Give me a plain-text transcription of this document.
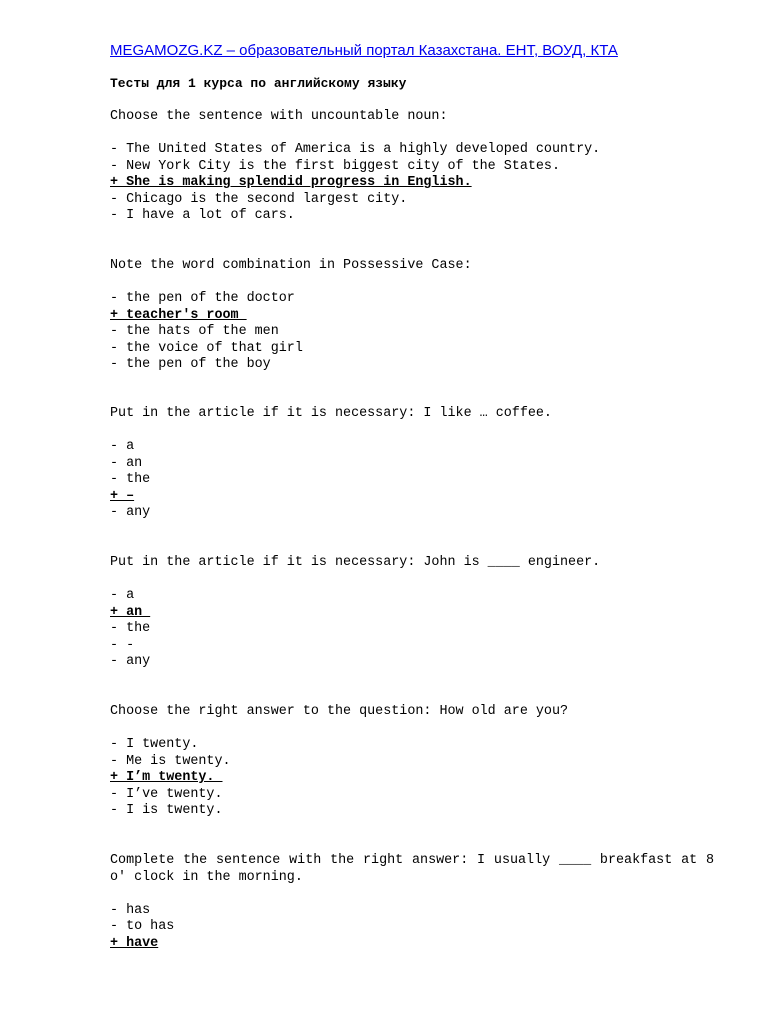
MEGAMOZG.KZ – образовательный портал Казахстана. ЕНТ, ВОУД, КТА
Тесты для 1 курса по английскому языку

Choose the sentence with uncountable noun:

- The United States of America is a highly developed country.
- New York City is the first biggest city of the States.
+ She is making splendid progress in English.
- Chicago is the second largest city.
- I have a lot of cars.

Note the word combination in Possessive Case:

- the pen of the doctor
+ teacher's room
- the hats of the men
- the voice of that girl
- the pen of the boy

Put in the article if it is necessary: I like … coffee.

- a
- an
- the
+ –
- any

Put in the article if it is necessary: John is ____ engineer.

- a
+ an
- the
- -
- any

Choose the right answer to the question: How old are you?

- I twenty.
- Me is twenty.
+ I’m twenty.
- I’ve twenty.
- I is twenty.

Complete the sentence with the right answer: I usually ____ breakfast at 8 o' clock in the morning.

- has
- to has
+ have
